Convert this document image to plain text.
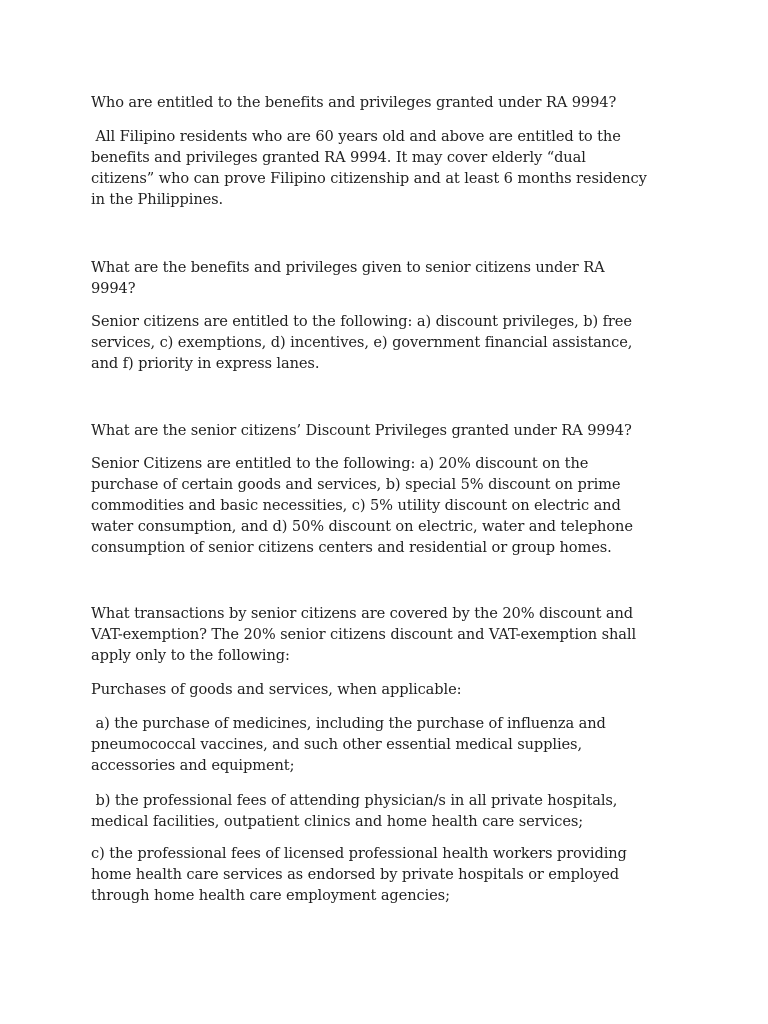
Who are entitled to the benefits and privileges granted under RA 9994?

All Filipino residents who are 60 years old and above are entitled to the
benefits and privileges granted RA 9994. It may cover elderly “dual
citizens” who can prove Filipino citizenship and at least 6 months residency
in the Philippines.

What are the benefits and privileges given to senior citizens under RA
9994?

Senior citizens are entitled to the following: a) discount privileges, b) free
services, c) exemptions, d) incentives, e) government financial assistance,
and f) priority in express lanes.

What are the senior citizens’ Discount Privileges granted under RA 9994?

Senior Citizens are entitled to the following: a) 20% discount on the
purchase of certain goods and services, b) special 5% discount on prime
commodities and basic necessities, c) 5% utility discount on electric and
water consumption, and d) 50% discount on electric, water and telephone
consumption of senior citizens centers and residential or group homes.

What transactions by senior citizens are covered by the 20% discount and
VAT-exemption? The 20% senior citizens discount and VAT-exemption shall
apply only to the following:

Purchases of goods and services, when applicable:

a) the purchase of medicines, including the purchase of influenza and
pneumococcal vaccines, and such other essential medical supplies,
accessories and equipment;

b) the professional fees of attending physician/s in all private hospitals,
medical facilities, outpatient clinics and home health care services;

c) the professional fees of licensed professional health workers providing
home health care services as endorsed by private hospitals or employed
through home health care employment agencies;
